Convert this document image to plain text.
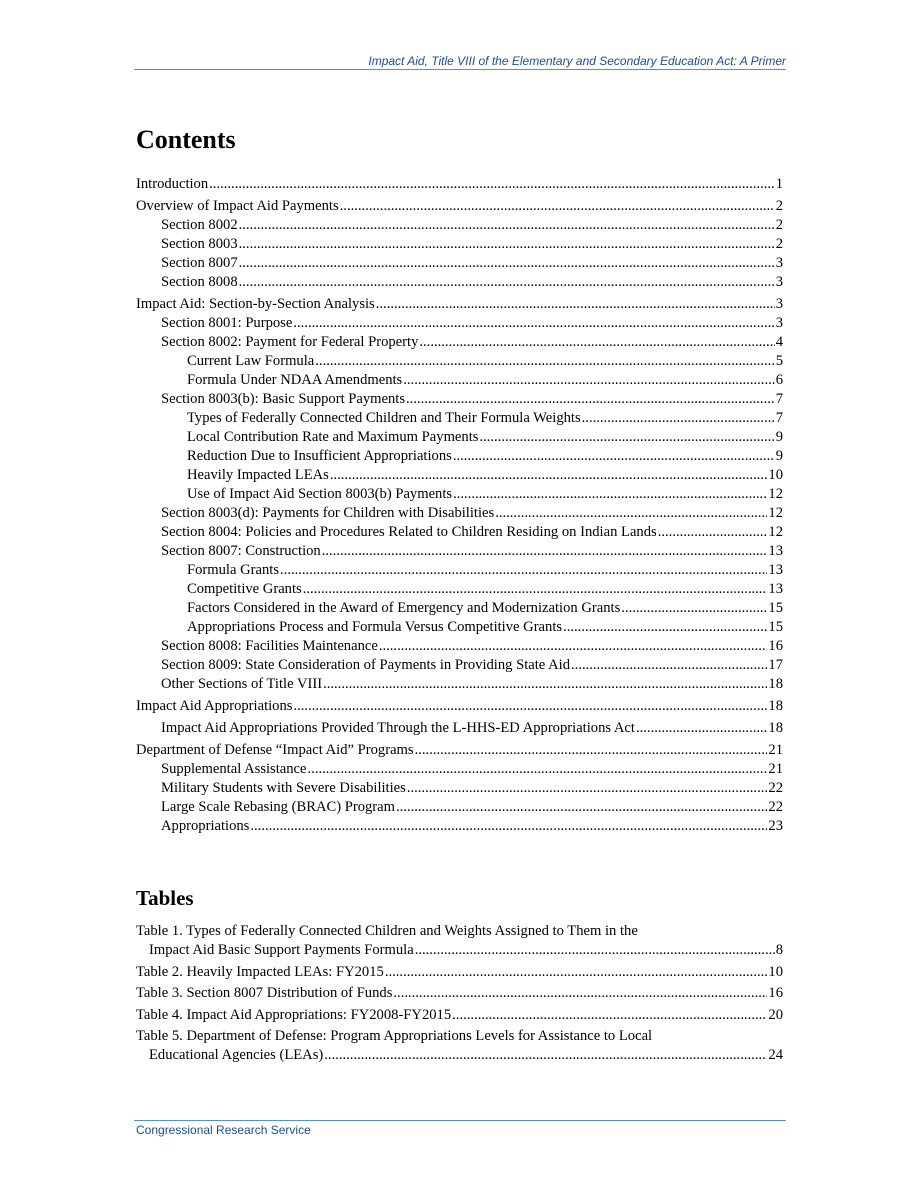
Impact Aid, Title VIII of the Elementary and Secondary Education Act: A Primer
Contents
Introduction .....	1
Overview of Impact Aid Payments .....	2
Section 8002 .....	2
Section 8003 .....	2
Section 8007 .....	3
Section 8008 .....	3
Impact Aid: Section-by-Section Analysis .....	3
Section 8001: Purpose .....	3
Section 8002: Payment for Federal Property .....	4
Current Law Formula .....	5
Formula Under NDAA Amendments .....	6
Section 8003(b): Basic Support Payments .....	7
Types of Federally Connected Children and Their Formula Weights .....	7
Local Contribution Rate and Maximum Payments .....	9
Reduction Due to Insufficient Appropriations .....	9
Heavily Impacted LEAs .....	10
Use of Impact Aid Section 8003(b) Payments .....	12
Section 8003(d): Payments for Children with Disabilities .....	12
Section 8004: Policies and Procedures Related to Children Residing on Indian Lands .....	12
Section 8007: Construction .....	13
Formula Grants .....	13
Competitive Grants .....	13
Factors Considered in the Award of Emergency and Modernization Grants .....	15
Appropriations Process and Formula Versus Competitive Grants .....	15
Section 8008: Facilities Maintenance .....	16
Section 8009: State Consideration of Payments in Providing State Aid .....	17
Other Sections of Title VIII .....	18
Impact Aid Appropriations .....	18
Impact Aid Appropriations Provided Through the L-HHS-ED Appropriations Act .....	18
Department of Defense “Impact Aid” Programs .....	21
Supplemental Assistance .....	21
Military Students with Severe Disabilities .....	22
Large Scale Rebasing (BRAC) Program .....	22
Appropriations .....	23
Tables
Table 1. Types of Federally Connected Children and Weights Assigned to Them in the
Impact Aid Basic Support Payments Formula .....	8
Table 2. Heavily Impacted LEAs: FY2015 .....	10
Table 3. Section 8007 Distribution of Funds .....	16
Table 4. Impact Aid Appropriations: FY2008-FY2015 .....	20
Table 5. Department of Defense: Program Appropriations Levels for Assistance to Local
Educational Agencies (LEAs) .....	24
Congressional Research Service
